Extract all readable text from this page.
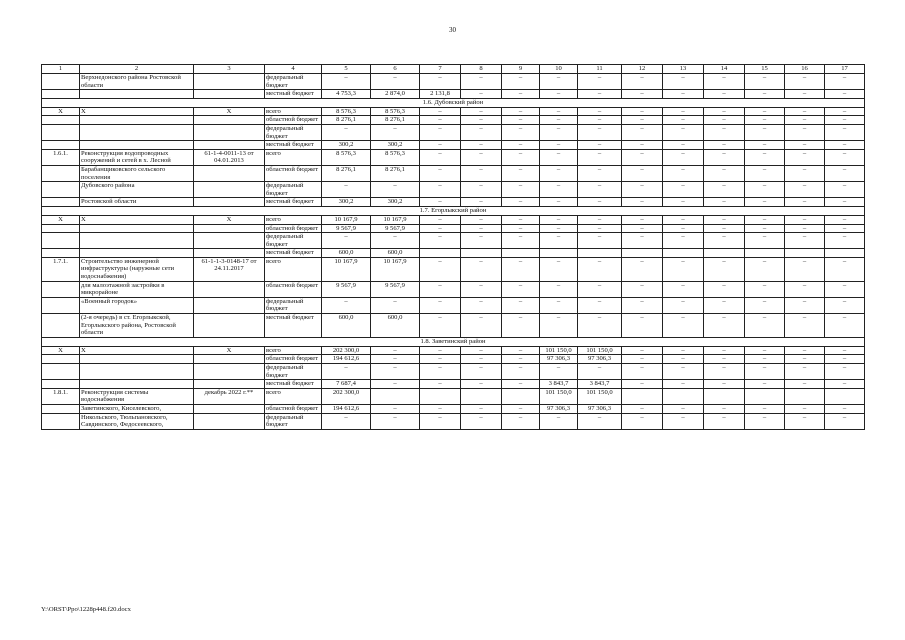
30
1	2	3	4	5	6	7	8	9	10	11	12	13	14	15	16	17
	Верхнедонского района Ростовской области		федеральный бюджет	–	–	–	–	–	–	–	–	–	–	–	–	–
			местный бюджет	4 753,3	2 874,0	2 131,8	–	–	–	–	–	–	–	–	–	–
1.6. Дубовский район																
Х	Х	Х	всего	8 576,3	8 576,3	–	–	–	–	–	–	–	–	–	–	–
			областной бюджет	8 276,1	8 276,1	–	–	–	–	–	–	–	–	–	–	–
			федеральный бюджет	–	–	–	–	–	–	–	–	–	–	–	–	–
			местный бюджет	300,2	300,2	–	–	–	–	–	–	–	–	–	–	–
1.6.1.	Реконструкция водопроводных сооружений и сетей в х. Лесной	61-1-4-0011-13 от 04.01.2013	всего	8 576,3	8 576,3	–	–	–	–	–	–	–	–	–	–	–
	Барабанщиковского сельского поселения		областной бюджет	8 276,1	8 276,1	–	–	–	–	–	–	–	–	–	–	–
	Дубовского района		федеральный бюджет	–	–	–	–	–	–	–	–	–	–	–	–	–
	Ростовской области		местный бюджет	300,2	300,2	–	–	–	–	–	–	–	–	–	–	–
1.7. Егорлыкский район																
Х	Х	Х	всего	10 167,9	10 167,9	–	–	–	–	–	–	–	–	–	–	–
			областной бюджет	9 567,9	9 567,9	–	–	–	–	–	–	–	–	–	–	–
			федеральный бюджет	–	–	–	–	–	–	–	–	–	–	–	–	–
			местный бюджет	600,0	600,0											
1.7.1.	Строительство инженерной инфраструктуры (наружные сети водоснабжения)	61-1-1-3-0148-17 от 24.11.2017	всего	10 167,9	10 167,9	–	–	–	–	–	–	–	–	–	–	–
	для малоэтажной застройки в микрорайоне		областной бюджет	9 567,9	9 567,9	–	–	–	–	–	–	–	–	–	–	–
	«Военный городок»		федеральный бюджет	–	–	–	–	–	–	–	–	–	–	–	–	–
	(2-я очередь) в ст. Егорлыкской, Егорлыкского района, Ростовской области		местный бюджет	600,0	600,0	–	–	–	–	–	–	–	–	–	–	–
1.8. Заветинский район																
Х	Х	Х	всего	202 300,0	–	–	–	–	101 150,0	101 150,0	–	–	–	–	–	–
			областной бюджет	194 612,6	–	–	–	–	97 306,3	97 306,3	–	–	–	–	–	–
			федеральный бюджет	–	–	–	–	–	–	–	–	–	–	–	–	–
			местный бюджет	7 687,4	–	–	–	–	3 843,7	3 843,7	–	–	–	–	–	–
1.8.1.	Реконструкция системы водоснабжения	декабрь 2022 г.**	всего	202 300,0					101 150,0	101 150,0						
	Заветинского, Киселевского,		областной бюджет	194 612,6	–	–	–	–	97 306,3	97 306,3	–	–	–	–	–	–
	Никольского, Тюльпановского, Савдинского, Федосеевского,		федеральный бюджет	–	–	–	–	–	–	–	–	–	–	–	–	–
Y:\ORST\Ppo\1228p448.f20.docx
